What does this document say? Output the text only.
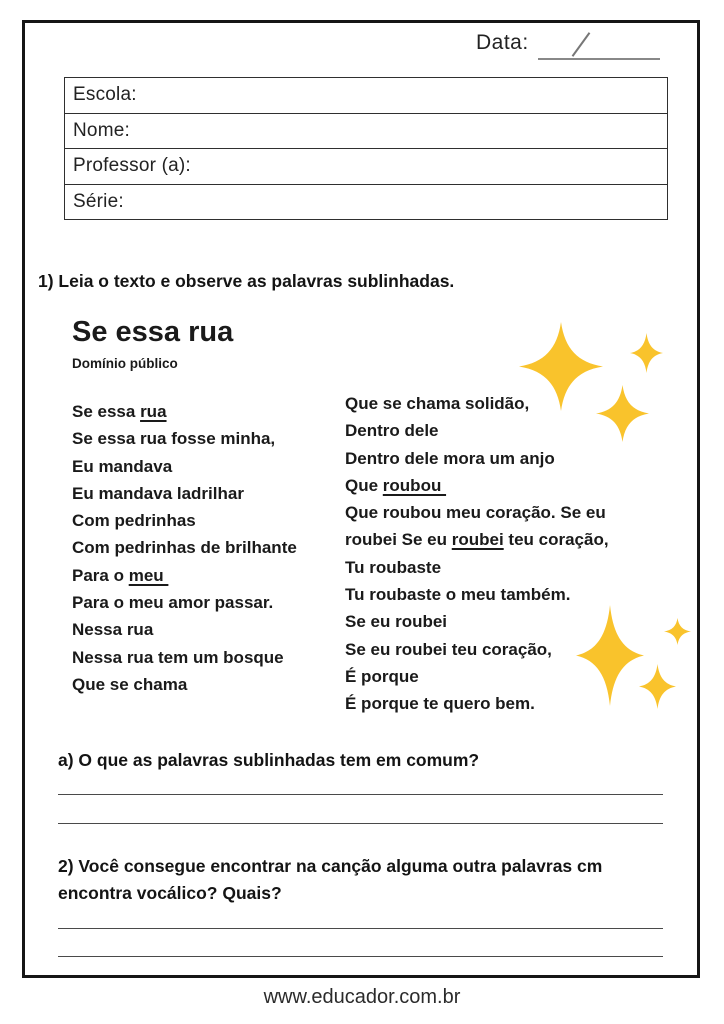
Data:
Escola:
Nome:
Professor (a):
Série:
1) Leia o texto e observe as palavras sublinhadas.
Se essa rua
Domínio público
Se essa rua
Se essa rua fosse minha,
Eu mandava
Eu mandava ladrilhar
Com pedrinhas
Com pedrinhas de brilhante
Para o meu
Para o meu amor passar.
Nessa rua
Nessa rua tem um bosque
Que se chama
Que se chama solidão,
Dentro dele
Dentro dele mora um anjo
Que roubou
Que roubou meu coração. Se eu
roubei Se eu roubei teu coração,
Tu roubaste
Tu roubaste o meu também.
Se eu roubei
Se eu roubei teu coração,
É porque
É porque te quero bem.
a) O que as palavras sublinhadas tem em comum?
2) Você consegue encontrar na canção alguma outra palavras cm
encontra vocálico? Quais?
www.educador.com.br
